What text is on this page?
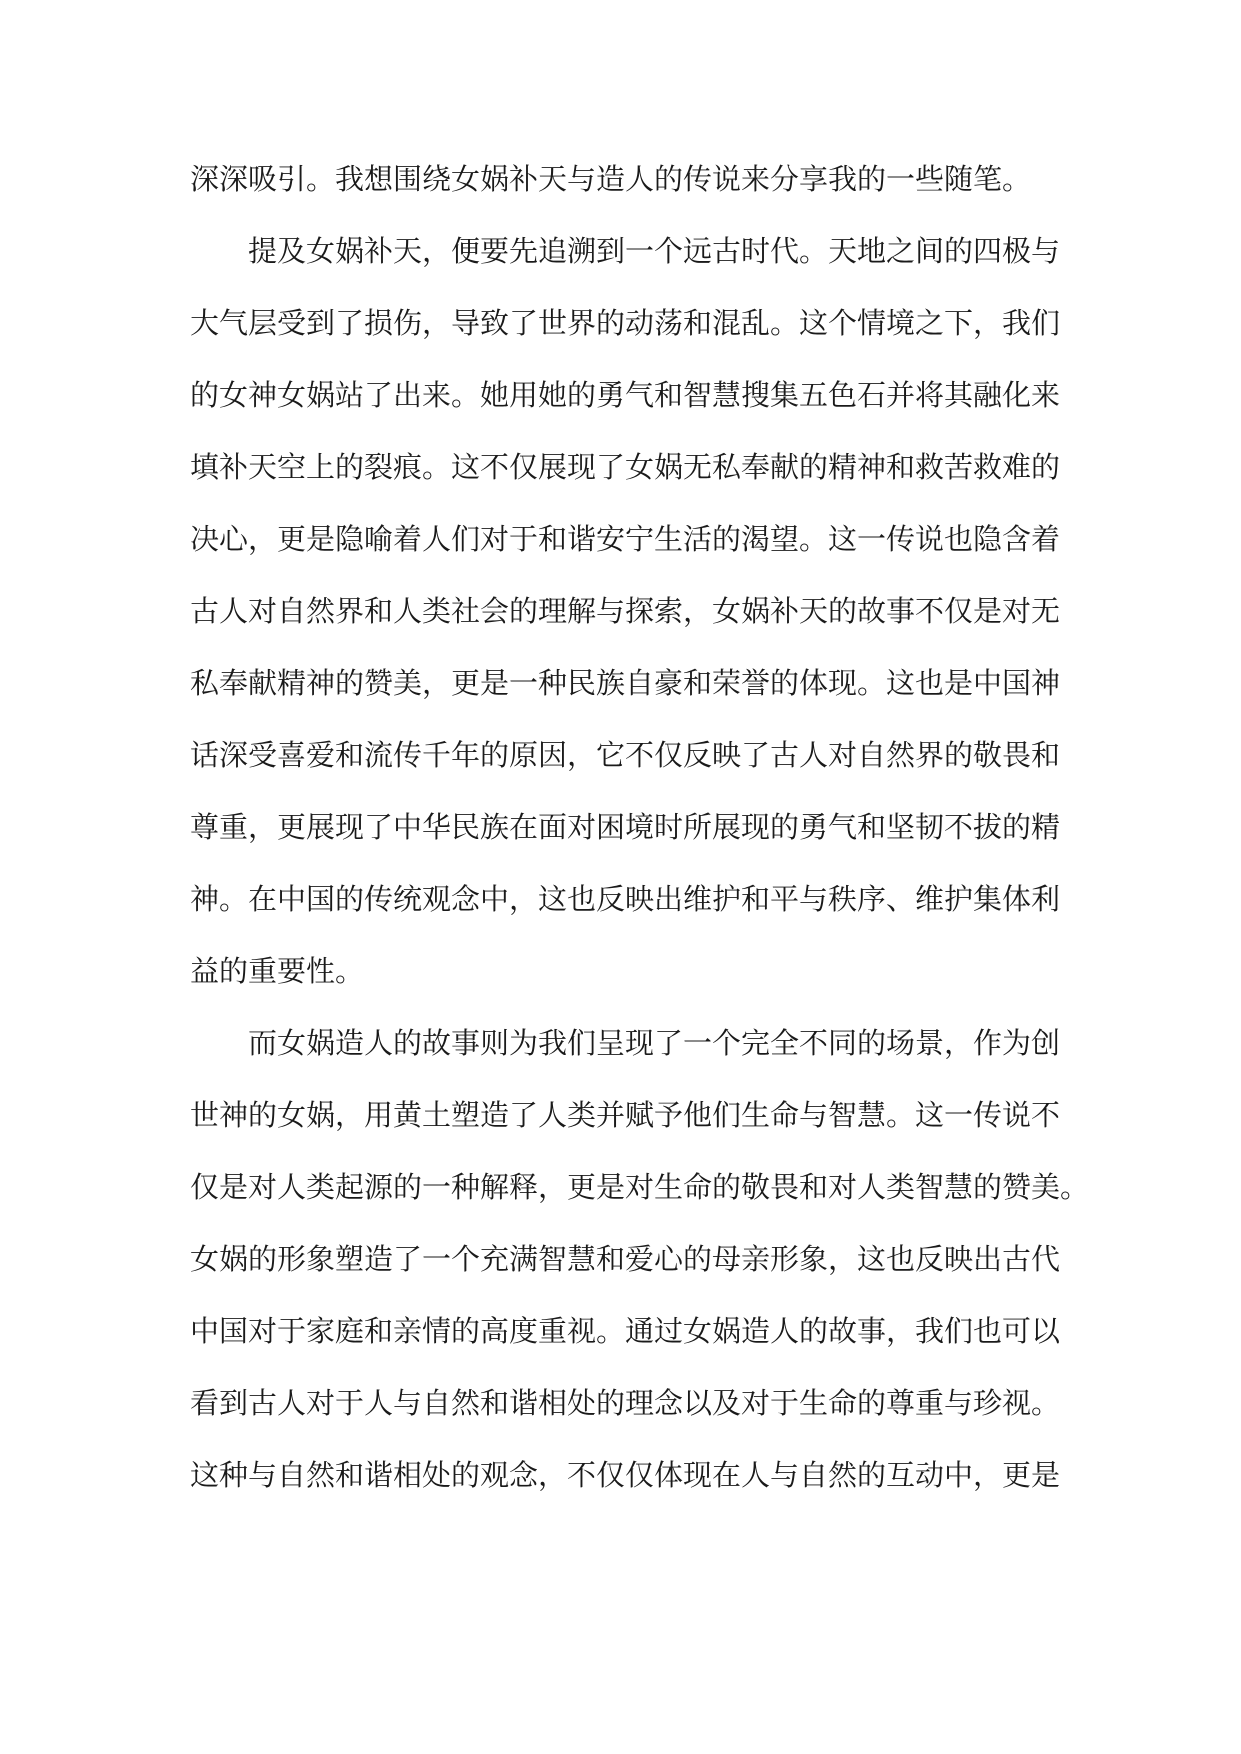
深深吸引。我想围绕女娲补天与造人的传说来分享我的一些随笔。
提及女娲补天，便要先追溯到一个远古时代。天地之间的四极与
大气层受到了损伤，导致了世界的动荡和混乱。这个情境之下，我们
的女神女娲站了出来。她用她的勇气和智慧搜集五色石并将其融化来
填补天空上的裂痕。这不仅展现了女娲无私奉献的精神和救苦救难的
决心，更是隐喻着人们对于和谐安宁生活的渴望。这一传说也隐含着
古人对自然界和人类社会的理解与探索，女娲补天的故事不仅是对无
私奉献精神的赞美，更是一种民族自豪和荣誉的体现。这也是中国神
话深受喜爱和流传千年的原因，它不仅反映了古人对自然界的敬畏和
尊重，更展现了中华民族在面对困境时所展现的勇气和坚韧不拔的精
神。在中国的传统观念中，这也反映出维护和平与秩序、维护集体利
益的重要性。
而女娲造人的故事则为我们呈现了一个完全不同的场景，作为创
世神的女娲，用黄土塑造了人类并赋予他们生命与智慧。这一传说不
仅是对人类起源的一种解释，更是对生命的敬畏和对人类智慧的赞美。
女娲的形象塑造了一个充满智慧和爱心的母亲形象，这也反映出古代
中国对于家庭和亲情的高度重视。通过女娲造人的故事，我们也可以
看到古人对于人与自然和谐相处的理念以及对于生命的尊重与珍视。
这种与自然和谐相处的观念，不仅仅体现在人与自然的互动中，更是
